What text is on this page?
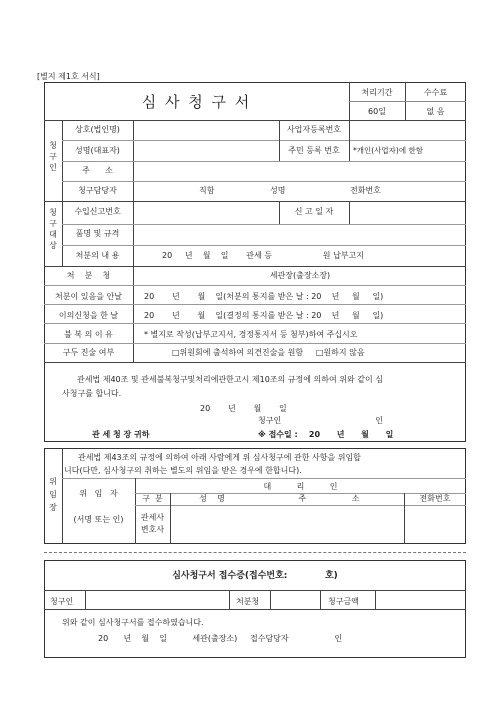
[별지 제1호 서식]
심 사 청 구 서
처리기간	수수료
60일	없 음
청
구
인
상호(법인명)	사업자등록번호
성명(대표자)	주민 등록 번호	*개인(사업자)에 한함
주      소
청구담당자	직함	성명	전화번호
청
구
대
상
수입신고번호	신 고 일 자
품명 및 규격
처분의 내 용	20     년    월    일       관세 등                    원 납부고지
처    분    청	세관장(출장소장)
처분이 있음을 안날	20       년       월    일(처분의 통지를 받은 날 : 20    년     월     일)
이의신청을 한 날	20       년       월    일(결정의 통지를 받은 날 : 20    년     월     일)
불 복 의 이 유	* 별지로 작성(납부고지서, 경정통지서 등 첨부)하여 주십시오
구두 진술 여부	□위원회에 출석하여 의견진술을 원함     □원하지 않음
관세법 제40조 및 관세불복청구및처리에관한고시 제10조의 규정에 의하여 위와 같이 심
사청구를 합니다.
20       년       월       일
청구인                                     인
관 세 청 장 귀하	※ 접수일 :    20      년      월      일
위
임
장
관세법 제43조의 규정에 의하여 아래 사람에게 위 심사청구에 관한 사항을 위임합
니다(다만, 심사청구의 취하는 별도의 위임을 받은 경우에 한합니다).
위   임   자
(서명 또는 인)
대          리          인
구  분	성    명	주                  소	전화번호
관세사
변호사
심사청구서 접수증(접수번호:            호)
청구인	처분청	청구금액
위와 같이 심사청구서를 접수하였습니다.
20      년    월    일          세관(출장소)     접수담당자                  인
